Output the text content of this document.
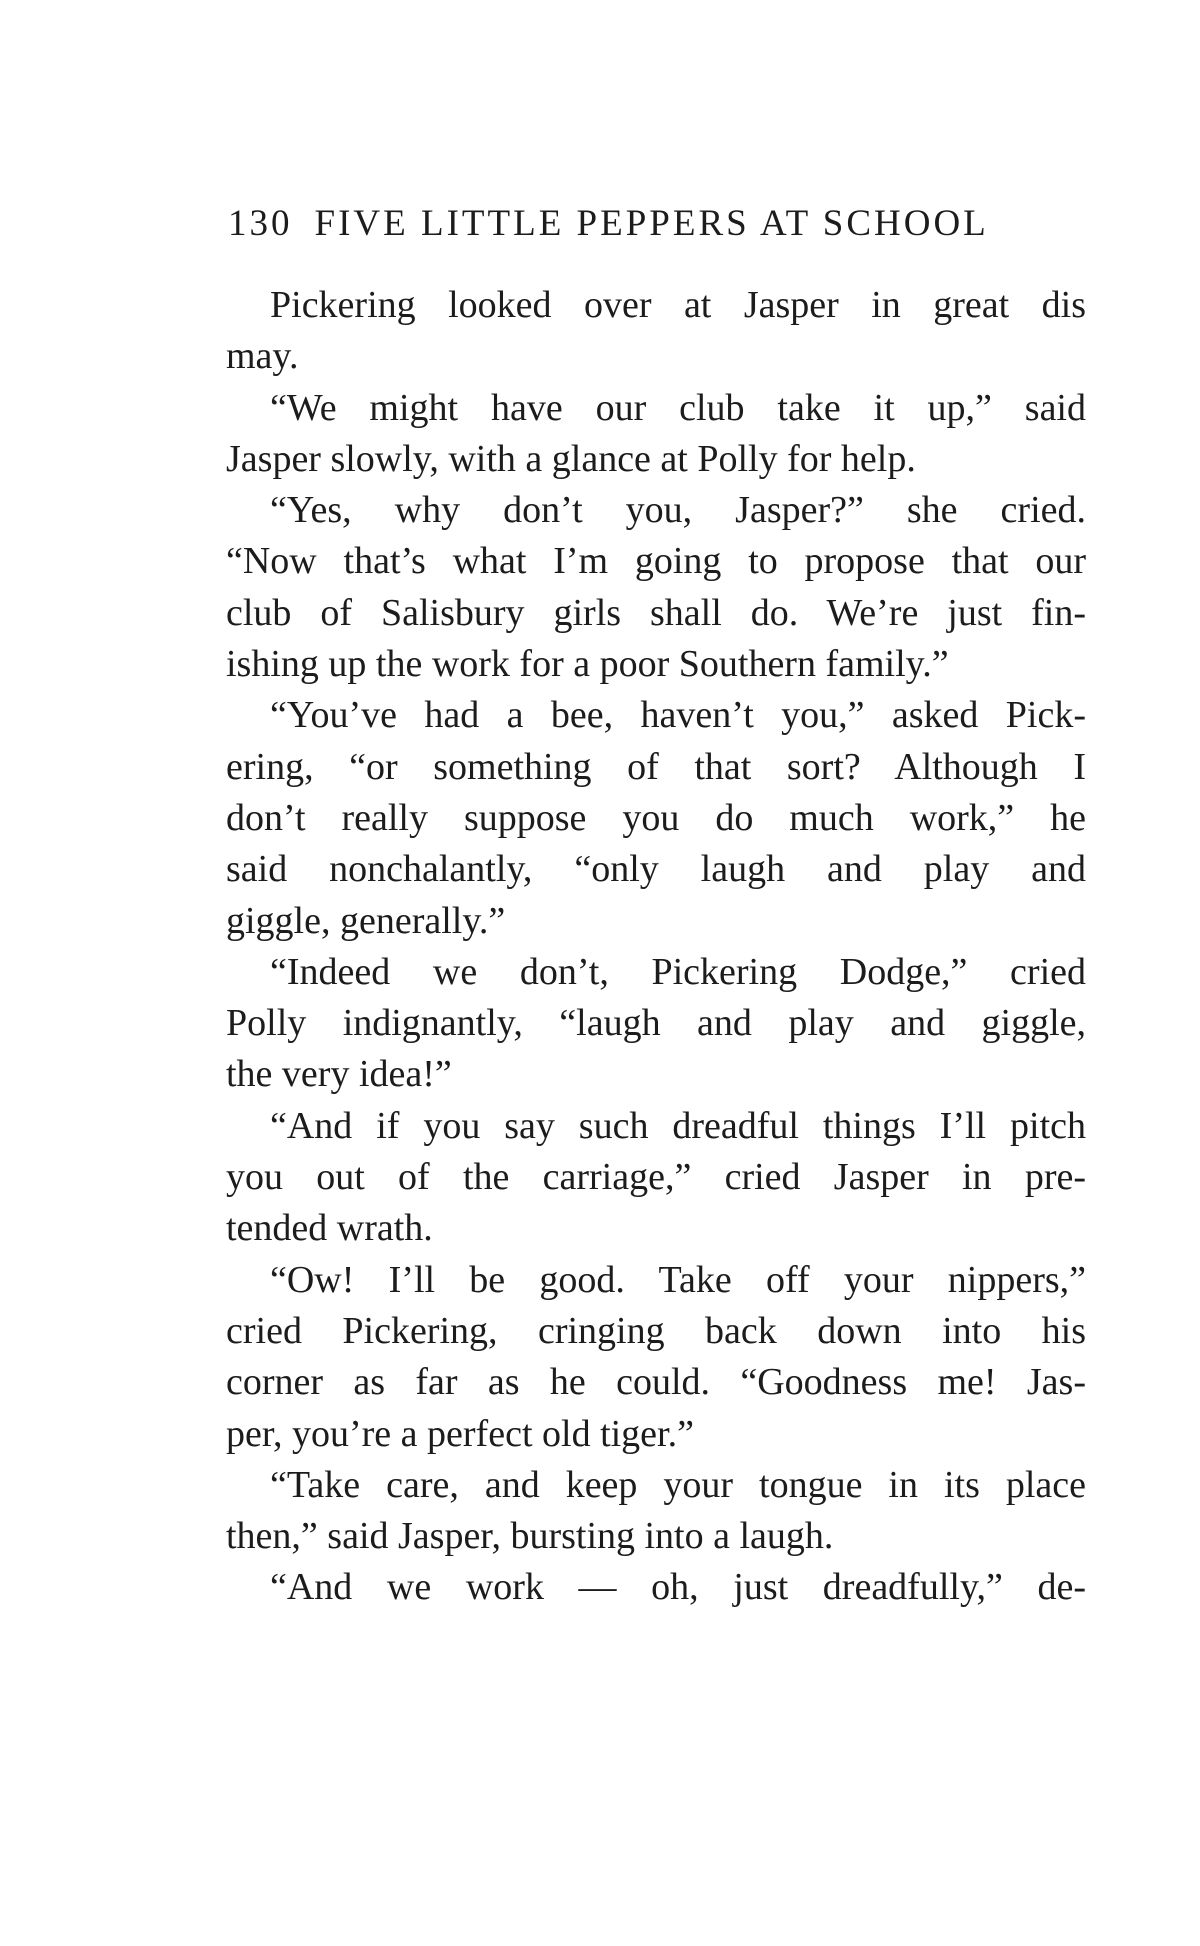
130 FIVE LITTLE PEPPERS AT SCHOOL
Pickering looked over at Jasper in great dis
may.
“We might have our club take it up,” said
Jasper slowly, with a glance at Polly for help.
“Yes, why don’t you, Jasper?” she cried.
“Now that’s what I’m going to propose that our
club of Salisbury girls shall do. We’re just fin-
ishing up the work for a poor Southern family.”
“You’ve had a bee, haven’t you,” asked Pick-
ering, “or something of that sort? Although I
don’t really suppose you do much work,” he
said nonchalantly, “only laugh and play and
giggle, generally.”
“Indeed we don’t, Pickering Dodge,” cried
Polly indignantly, “laugh and play and giggle,
the very idea!”
“And if you say such dreadful things I’ll pitch
you out of the carriage,” cried Jasper in pre-
tended wrath.
“Ow! I’ll be good. Take off your nippers,”
cried Pickering, cringing back down into his
corner as far as he could. “Goodness me! Jas-
per, you’re a perfect old tiger.”
“Take care, and keep your tongue in its place
then,” said Jasper, bursting into a laugh.
“And we work — oh, just dreadfully,” de-
